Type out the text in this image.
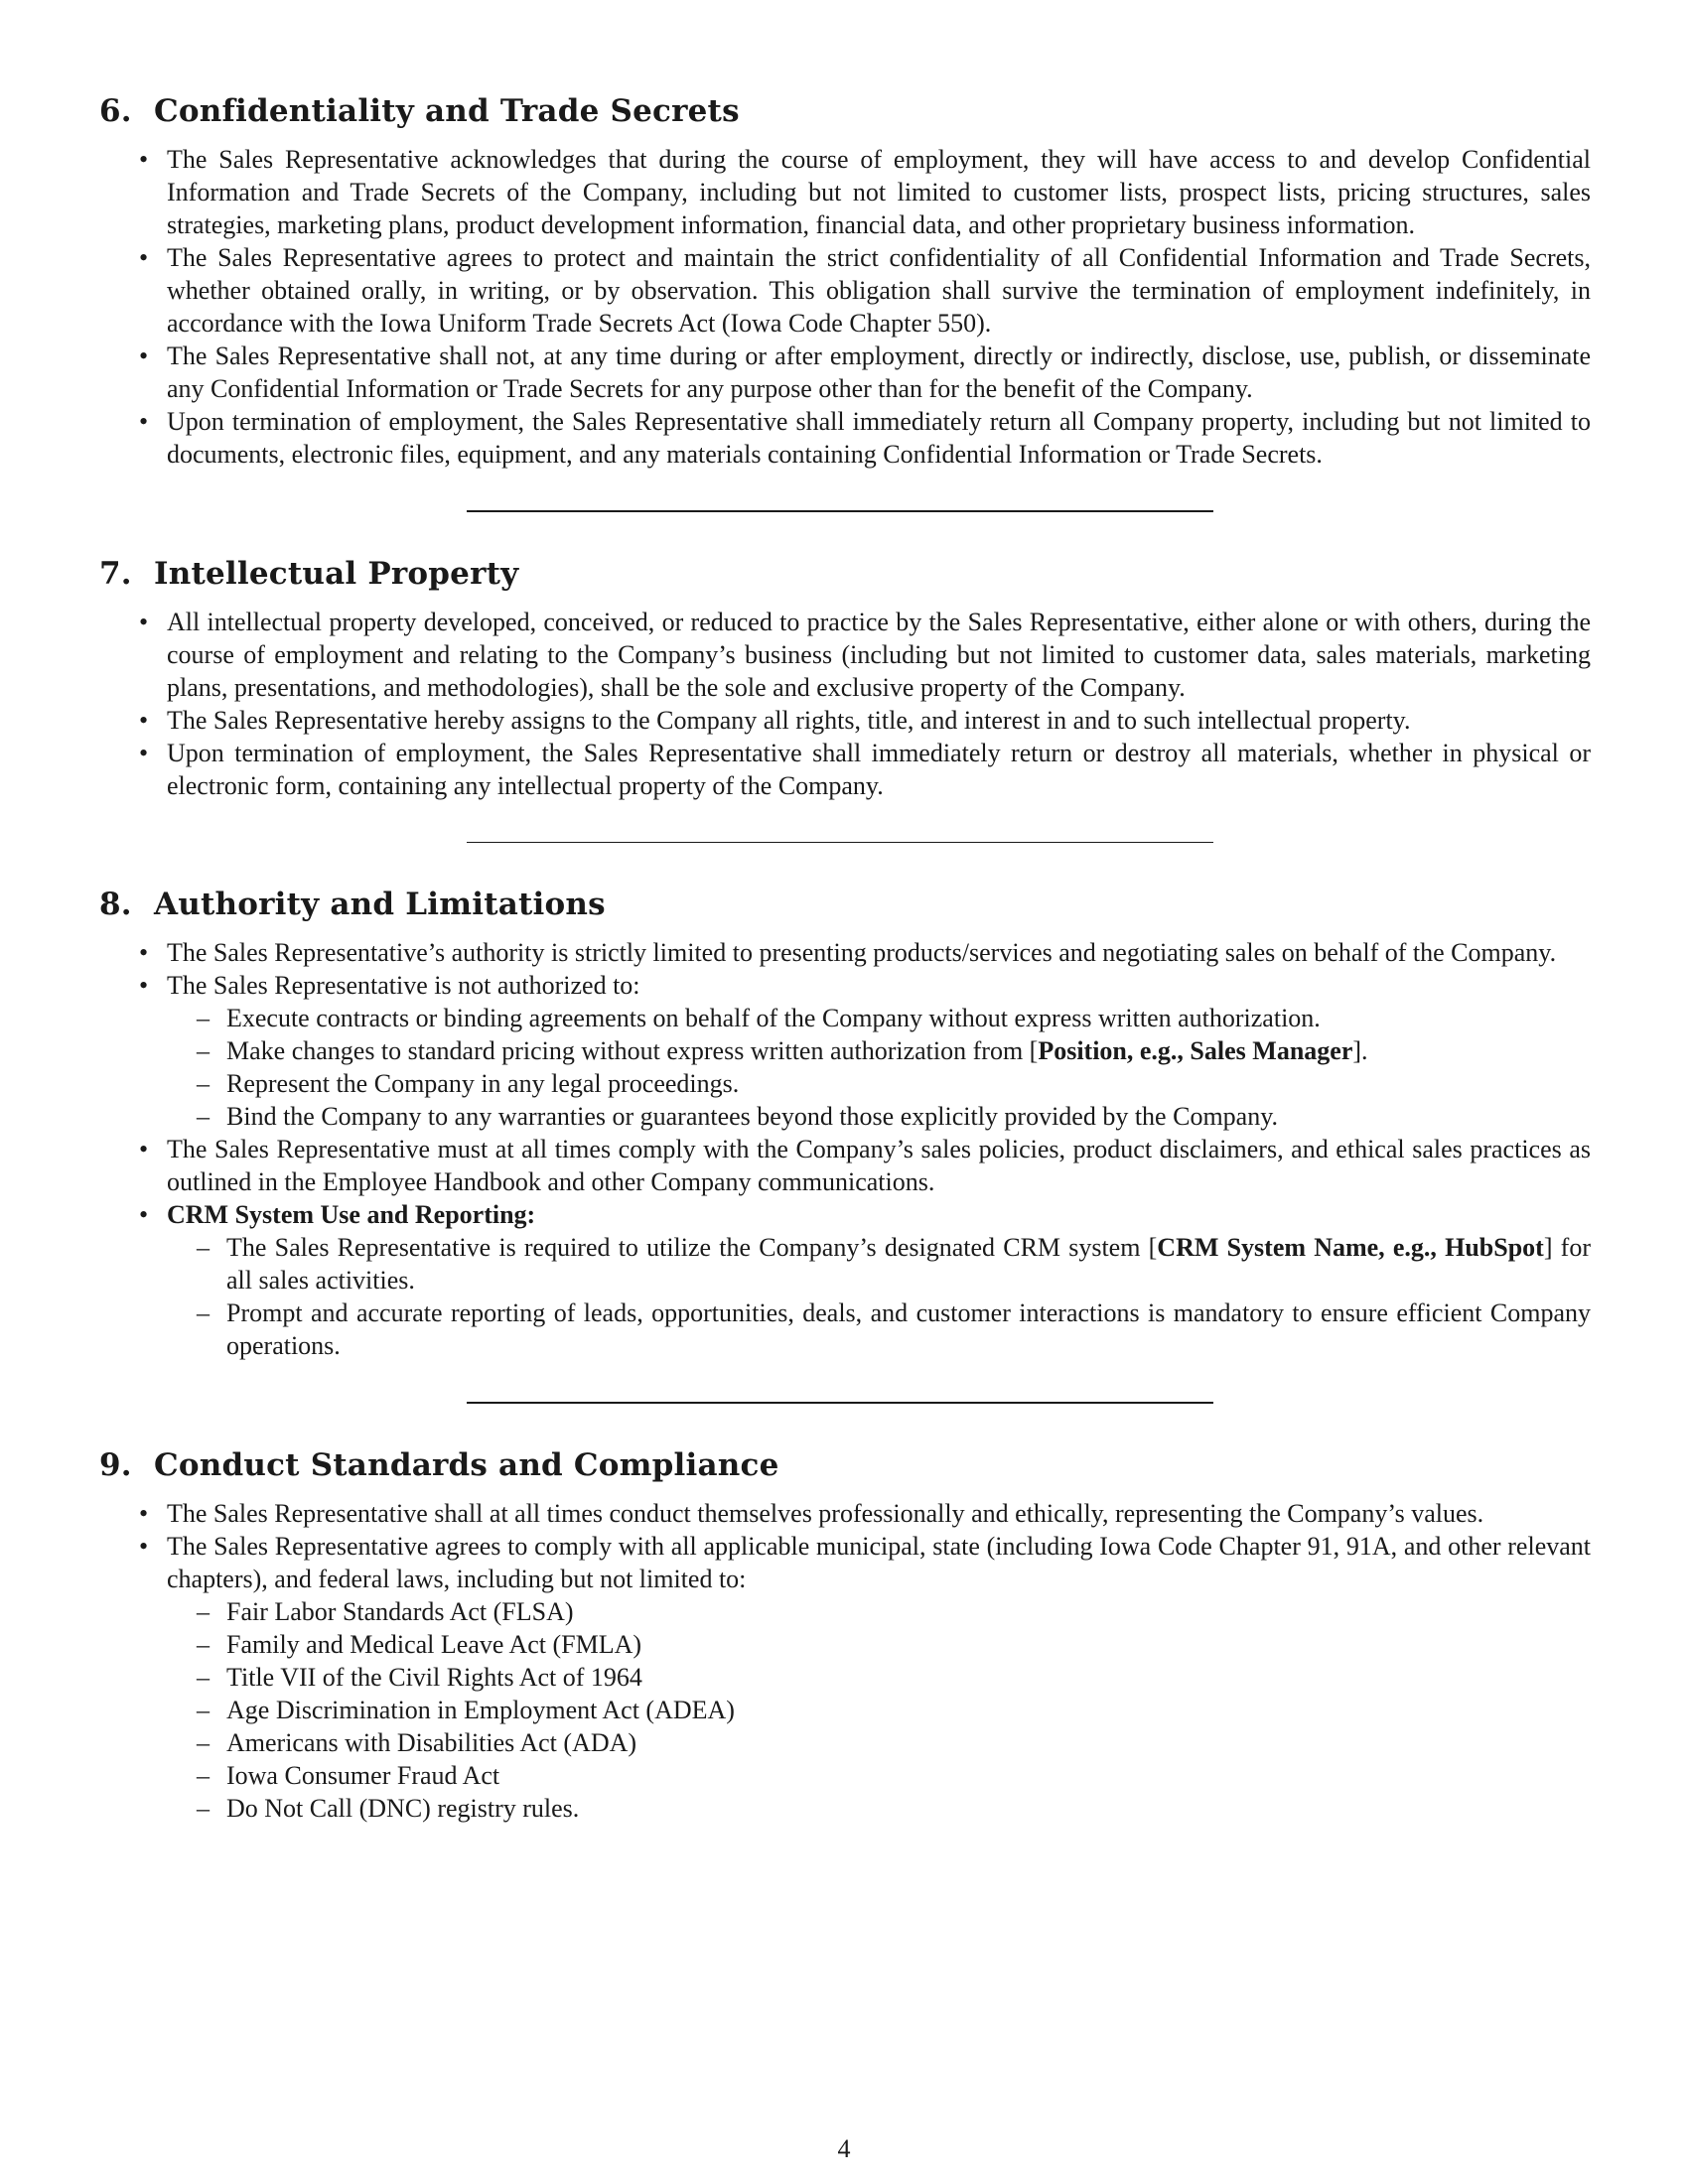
6. Confidentiality and Trade Secrets
• The Sales Representative acknowledges that during the course of employment, they will have access to and develop Confidential Information and Trade Secrets of the Company, including but not limited to customer lists, prospect lists, pricing structures, sales strategies, marketing plans, product development information, financial data, and other proprietary business information.
• The Sales Representative agrees to protect and maintain the strict confidentiality of all Confidential Information and Trade Secrets, whether obtained orally, in writing, or by observation. This obligation shall survive the termination of employment indefinitely, in accordance with the Iowa Uniform Trade Secrets Act (Iowa Code Chapter 550).
• The Sales Representative shall not, at any time during or after employment, directly or indirectly, disclose, use, publish, or disseminate any Confidential Information or Trade Secrets for any purpose other than for the benefit of the Company.
• Upon termination of employment, the Sales Representative shall immediately return all Company property, including but not limited to documents, electronic files, equipment, and any materials containing Confidential Information or Trade Secrets.
7. Intellectual Property
• All intellectual property developed, conceived, or reduced to practice by the Sales Representative, either alone or with others, during the course of employment and relating to the Company’s business (including but not limited to customer data, sales materials, marketing plans, presentations, and methodologies), shall be the sole and exclusive property of the Company.
• The Sales Representative hereby assigns to the Company all rights, title, and interest in and to such intellectual property.
• Upon termination of employment, the Sales Representative shall immediately return or destroy all materials, whether in physical or electronic form, containing any intellectual property of the Company.
8. Authority and Limitations
• The Sales Representative’s authority is strictly limited to presenting products/services and negotiating sales on behalf of the Company.
• The Sales Representative is not authorized to:
– Execute contracts or binding agreements on behalf of the Company without express written authorization.
– Make changes to standard pricing without express written authorization from [Position, e.g., Sales Manager].
– Represent the Company in any legal proceedings.
– Bind the Company to any warranties or guarantees beyond those explicitly provided by the Company.
• The Sales Representative must at all times comply with the Company’s sales policies, product disclaimers, and ethical sales practices as outlined in the Employee Handbook and other Company communications.
• CRM System Use and Reporting:
– The Sales Representative is required to utilize the Company’s designated CRM system [CRM System Name, e.g., HubSpot] for all sales activities.
– Prompt and accurate reporting of leads, opportunities, deals, and customer interactions is mandatory to ensure efficient Company operations.
9. Conduct Standards and Compliance
• The Sales Representative shall at all times conduct themselves professionally and ethically, representing the Company’s values.
• The Sales Representative agrees to comply with all applicable municipal, state (including Iowa Code Chapter 91, 91A, and other relevant chapters), and federal laws, including but not limited to:
– Fair Labor Standards Act (FLSA)
– Family and Medical Leave Act (FMLA)
– Title VII of the Civil Rights Act of 1964
– Age Discrimination in Employment Act (ADEA)
– Americans with Disabilities Act (ADA)
– Iowa Consumer Fraud Act
– Do Not Call (DNC) registry rules.
4
